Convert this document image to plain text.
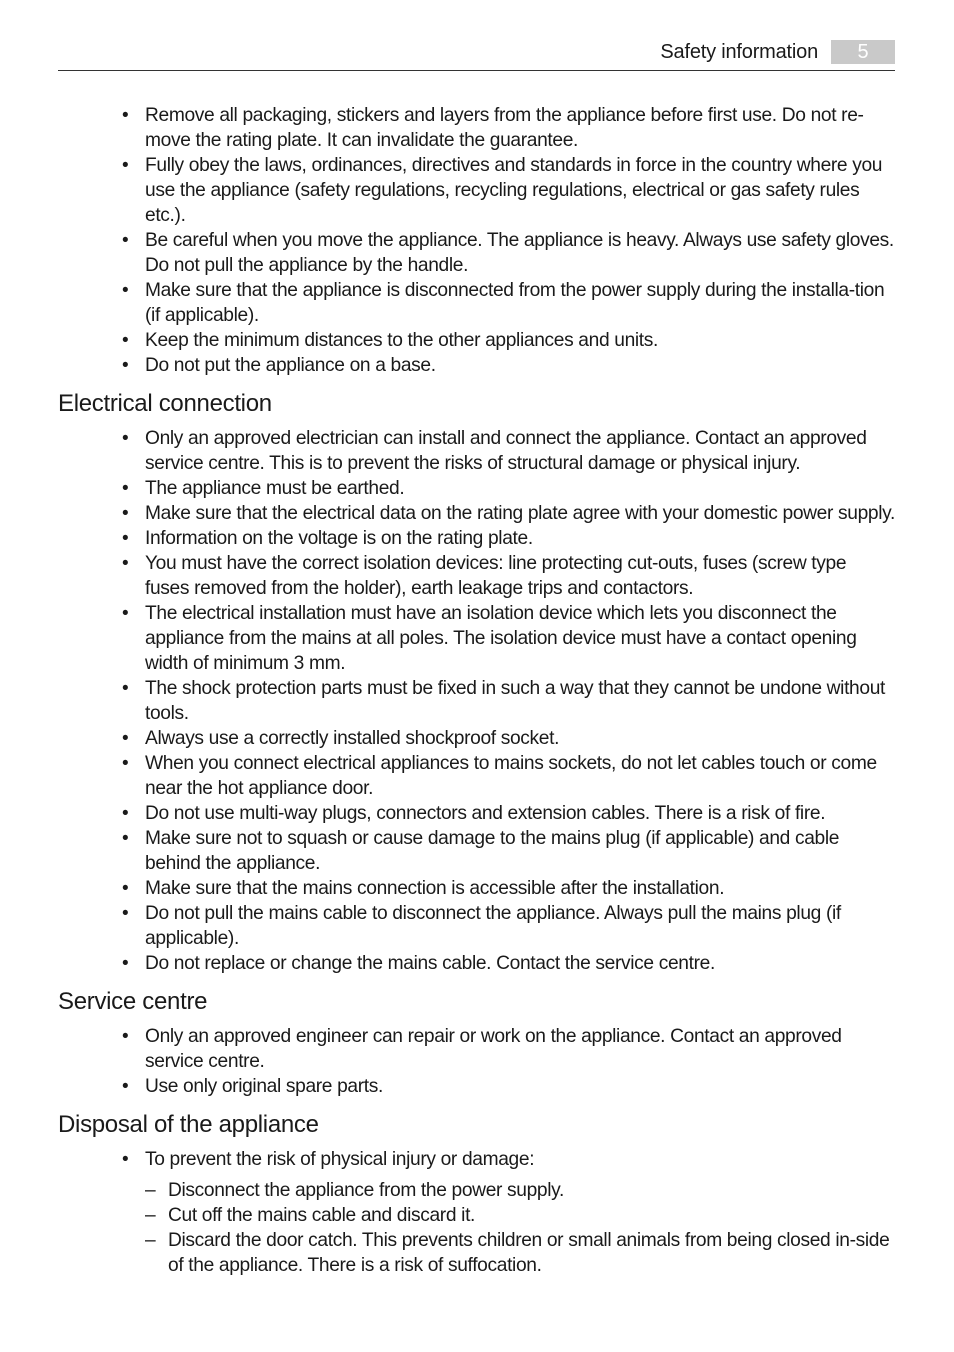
Safety information	5
• Remove all packaging, stickers and layers from the appliance before first use. Do not re-move the rating plate. It can invalidate the guarantee.
• Fully obey the laws, ordinances, directives and standards in force in the country where you use the appliance (safety regulations, recycling regulations, electrical or gas safety rules etc.).
• Be careful when you move the appliance. The appliance is heavy. Always use safety gloves. Do not pull the appliance by the handle.
• Make sure that the appliance is disconnected from the power supply during the installa-tion (if applicable).
• Keep the minimum distances to the other appliances and units.
• Do not put the appliance on a base.
Electrical connection
• Only an approved electrician can install and connect the appliance. Contact an approved service centre. This is to prevent the risks of structural damage or physical injury.
• The appliance must be earthed.
• Make sure that the electrical data on the rating plate agree with your domestic power supply.
• Information on the voltage is on the rating plate.
• You must have the correct isolation devices: line protecting cut-outs, fuses (screw type fuses removed from the holder), earth leakage trips and contactors.
• The electrical installation must have an isolation device which lets you disconnect the appliance from the mains at all poles. The isolation device must have a contact opening width of minimum 3 mm.
• The shock protection parts must be fixed in such a way that they cannot be undone without tools.
• Always use a correctly installed shockproof socket.
• When you connect electrical appliances to mains sockets, do not let cables touch or come near the hot appliance door.
• Do not use multi-way plugs, connectors and extension cables. There is a risk of fire.
• Make sure not to squash or cause damage to the mains plug (if applicable) and cable behind the appliance.
• Make sure that the mains connection is accessible after the installation.
• Do not pull the mains cable to disconnect the appliance. Always pull the mains plug (if applicable).
• Do not replace or change the mains cable. Contact the service centre.
Service centre
• Only an approved engineer can repair or work on the appliance. Contact an approved service centre.
• Use only original spare parts.
Disposal of the appliance
• To prevent the risk of physical injury or damage:
– Disconnect the appliance from the power supply.
– Cut off the mains cable and discard it.
– Discard the door catch. This prevents children or small animals from being closed in-side of the appliance. There is a risk of suffocation.
